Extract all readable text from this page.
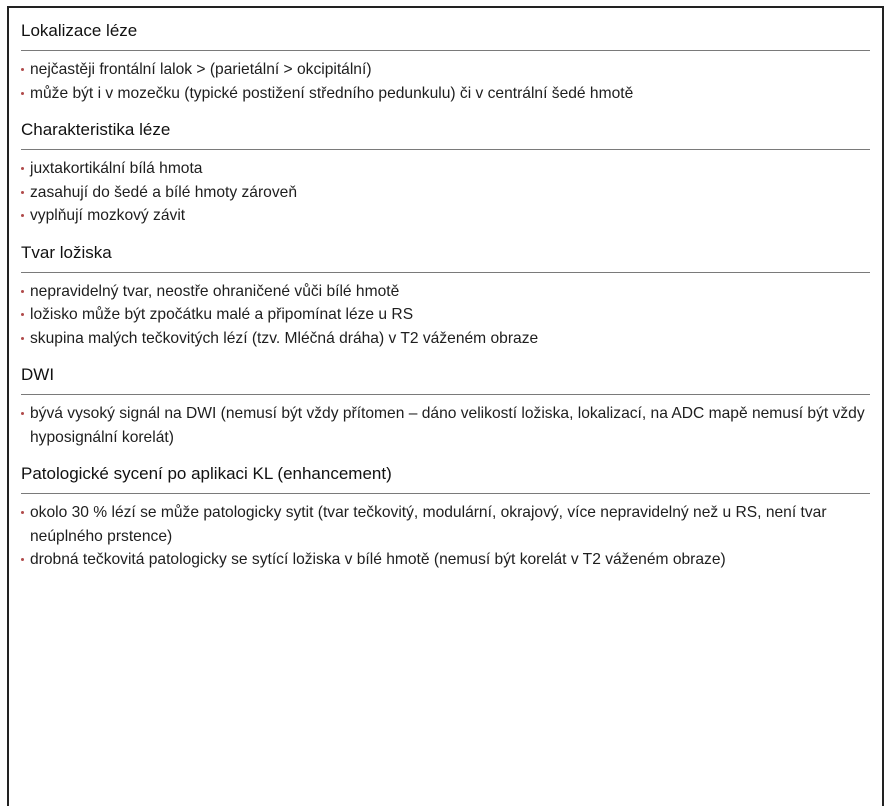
Lokalizace léze
nejčastěji frontální lalok > (parietální > okcipitální)
může být i v mozečku (typické postižení středního pedunkulu) či v centrální šedé hmotě
Charakteristika léze
juxtakortikální bílá hmota
zasahují do šedé a bílé hmoty zároveň
vyplňují mozkový závit
Tvar ložiska
nepravidelný tvar, neostře ohraničené vůči bílé hmotě
ložisko může být zpočátku malé a připomínat léze u RS
skupina malých tečkovitých lézí (tzv. Mléčná dráha) v T2 váženém obraze
DWI
bývá vysoký signál na DWI (nemusí být vždy přítomen – dáno velikostí ložiska, lokalizací, na ADC mapě nemusí být vždy hyposignální korelát)
Patologické sycení po aplikaci KL (enhancement)
okolo 30 % lézí se může patologicky sytit (tvar tečkovitý, modulární, okrajový, více nepravidelný než u RS, není tvar neúplného prstence)
drobná tečkovitá patologicky se sytící ložiska v bílé hmotě (nemusí být korelát v T2 váženém obraze)
